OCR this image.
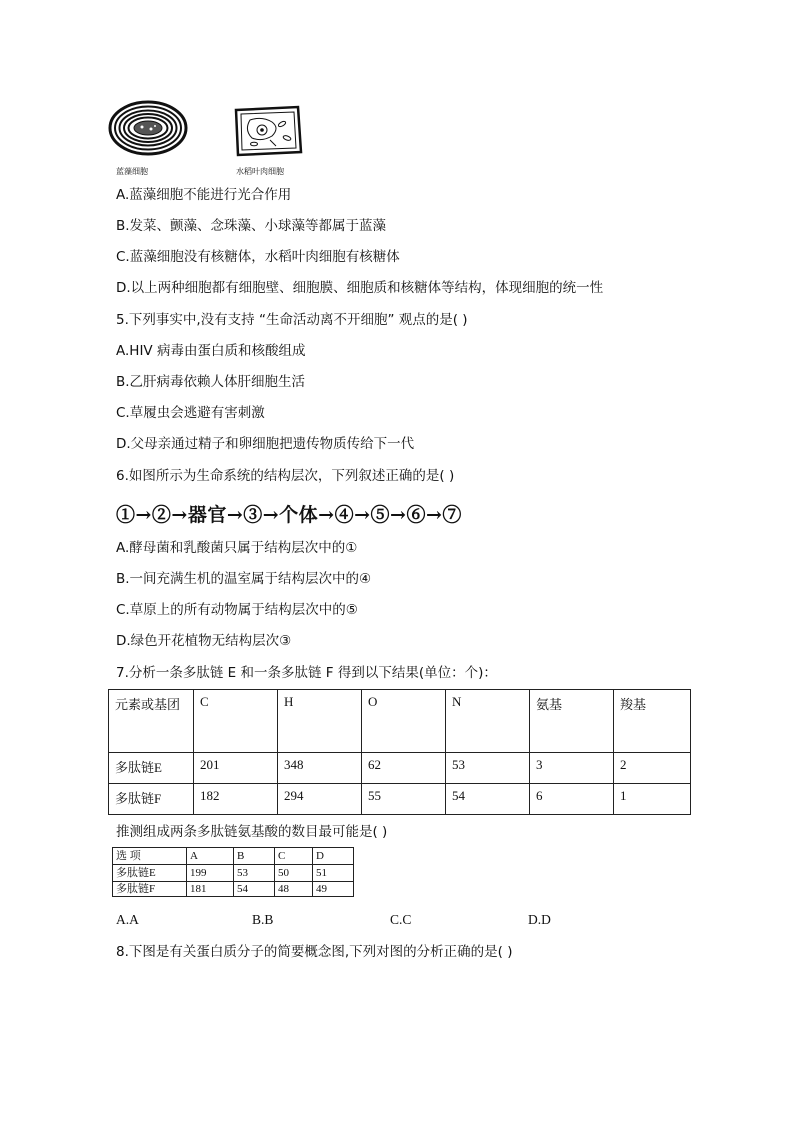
蓝藻细胞	水稻叶肉细胞
A.蓝藻细胞不能进行光合作用
B.发菜、颤藻、念珠藻、小球藻等都属于蓝藻
C.蓝藻细胞没有核糖体，水稻叶肉细胞有核糖体
D.以上两种细胞都有细胞壁、细胞膜、细胞质和核糖体等结构，体现细胞的统一性
5.下列事实中,没有支持 “生命活动离不开细胞” 观点的是( )
A.HIV 病毒由蛋白质和核酸组成
B.乙肝病毒依赖人体肝细胞生活
C.草履虫会逃避有害刺激
D.父母亲通过精子和卵细胞把遗传物质传给下一代
6.如图所示为生命系统的结构层次，下列叙述正确的是( )
①→②→器官→③→个体→④→⑤→⑥→⑦
A.酵母菌和乳酸菌只属于结构层次中的①
B.一间充满生机的温室属于结构层次中的④
C.草原上的所有动物属于结构层次中的⑤
D.绿色开花植物无结构层次③
7.分析一条多肽链 E 和一条多肽链 F 得到以下结果(单位：个)：
元素或基团	C	H	O	N	氨基	羧基
多肽链E	201	348	62	53	3	2
多肽链F	182	294	55	54	6	1
推测组成两条多肽链氨基酸的数目最可能是( )
选 项	A	B	C	D
多肽链E	199	53	50	51
多肽链F	181	54	48	49
A.A	B.B	C.C	D.D
8.下图是有关蛋白质分子的简要概念图,下列对图的分析正确的是( )
